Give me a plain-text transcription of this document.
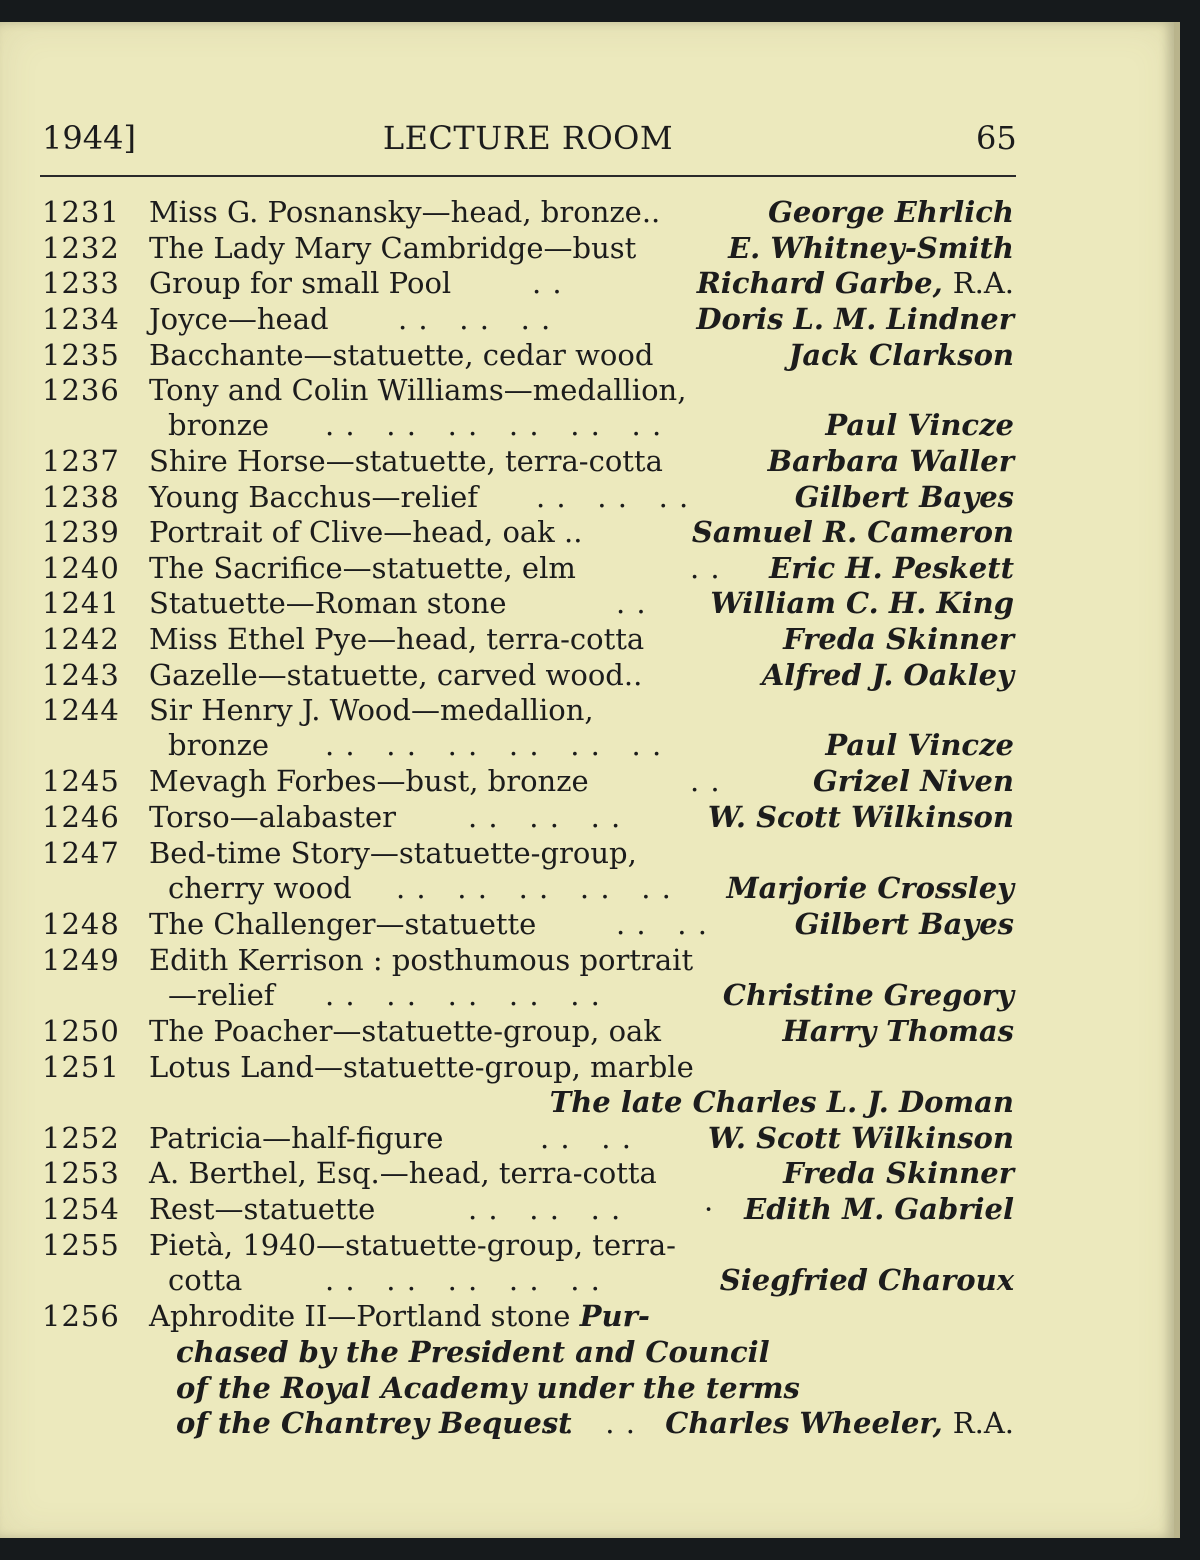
1944]	LECTURE ROOM	65
1231 Miss G. Posnansky—head, bronze..	George Ehrlich
1232 The Lady Mary Cambridge—bust	E. Whitney-Smith
1233 Group for small Pool	. .	Richard Garbe, R.A.
1234 Joyce—head . .   . .   . .	Doris L. M. Lindner
1235 Bacchante—statuette, cedar wood	Jack Clarkson
1236 Tony and Colin Williams—medallion,
bronze . .   . .   . .   . .   . .   . .	Paul Vincze
1237 Shire Horse—statuette, terra-cotta	Barbara Waller
1238 Young Bacchus—relief . .   . .   . .	Gilbert Bayes
1239 Portrait of Clive—head, oak ..	Samuel R. Cameron
1240 The Sacrifice—statuette, elm	. . Eric H. Peskett
1241 Statuette—Roman stone	. . William C. H. King
1242 Miss Ethel Pye—head, terra-cotta	Freda Skinner
1243 Gazelle—statuette, carved wood..	Alfred J. Oakley
1244 Sir Henry J. Wood—medallion,
bronze . .   . .   . .   . .   . .   . .	Paul Vincze
1245 Mevagh Forbes—bust, bronze	. .	Grizel Niven
1246 Torso—alabaster . .   . .   . .	W. Scott Wilkinson
1247 Bed-time Story—statuette-group,
cherry wood . .   . .   . .   . .   . . Marjorie Crossley
1248 The Challenger—statuette	. .   . .	Gilbert Bayes
1249 Edith Kerrison : posthumous portrait
—relief . .   . .   . .   . .   . .	Christine Gregory
1250 The Poacher—statuette-group, oak	Harry Thomas
1251 Lotus Land—statuette-group, marble
The late Charles L. J. Doman
1252 Patricia—half-figure	. .   . .	W. Scott Wilkinson
1253 A. Berthel, Esq.—head, terra-cotta	Freda Skinner
1254 Rest—statuette	. .   . .   . .	· Edith M. Gabriel
1255 Pietà, 1940—statuette-group, terra-
cotta	. .   . .   . .   . .   . .	Siegfried Charoux
1256 Aphrodite II—Portland stone Pur-
chased by the President and Council
of the Royal Academy under the terms
of the Chantrey Bequest
. .   . . Charles Wheeler, R.A.
